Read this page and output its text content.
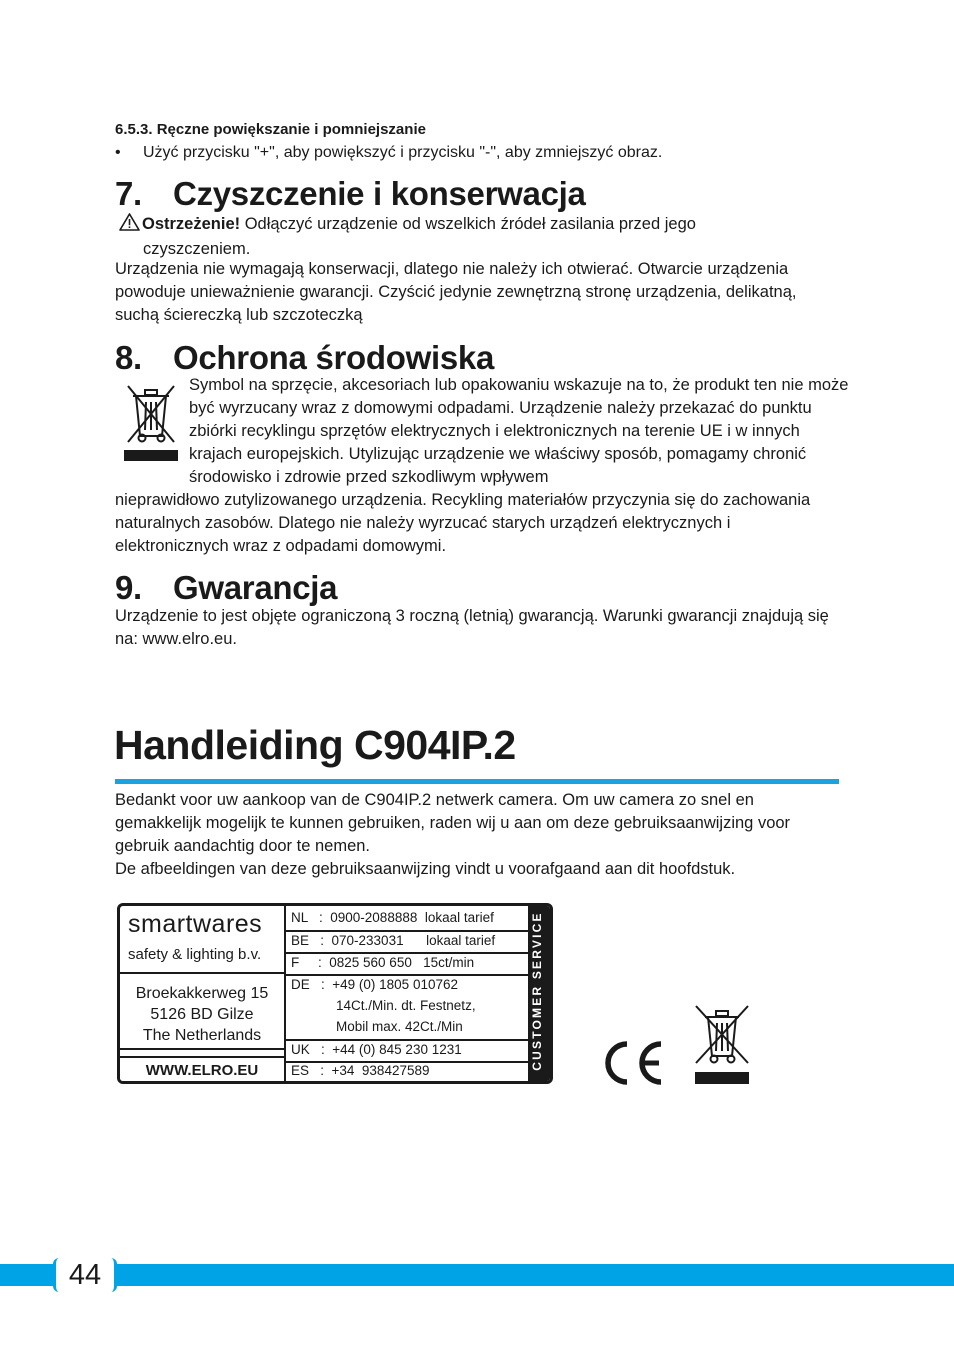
6.5.3. Ręczne powiększanie i pomniejszanie
• Użyć przycisku "+", aby powiększyć i przycisku "-", aby zmniejszyć obraz.
7. Czyszczenie i konserwacja
Ostrzeżenie! Odłączyć urządzenie od wszelkich źródeł zasilania przed jego
czyszczeniem.
Urządzenia nie wymagają konserwacji, dlatego nie należy ich otwierać. Otwarcie urządzenia powoduje unieważnienie gwarancji. Czyścić jedynie zewnętrzną stronę urządzenia, delikatną, suchą ściereczką lub szczoteczką
8. Ochrona środowiska
Symbol na sprzęcie, akcesoriach lub opakowaniu wskazuje na to, że produkt ten nie może być wyrzucany wraz z domowymi odpadami. Urządzenie należy przekazać do punktu zbiórki recyklingu sprzętów elektrycznych i elektronicznych na terenie UE i w innych krajach europejskich. Utylizując urządzenie we właściwy sposób, pomagamy chronić środowisko i zdrowie przed szkodliwym wpływem
nieprawidłowo zutylizowanego urządzenia. Recykling materiałów przyczynia się do zachowania naturalnych zasobów. Dlatego nie należy wyrzucać starych urządzeń elektrycznych i elektronicznych wraz z odpadami domowymi.
9. Gwarancja
Urządzenie to jest objęte ograniczoną 3 roczną (letnią) gwarancją. Warunki gwarancji znajdują się na: www.elro.eu.
Handleiding C904IP.2
Bedankt voor uw aankoop van de C904IP.2 netwerk camera. Om uw camera zo snel en gemakkelijk mogelijk te kunnen gebruiken, raden wij u aan om deze gebruiksaanwijzing voor gebruik aandachtig door te nemen.
De afbeeldingen van deze gebruiksaanwijzing vindt u voorafgaand aan dit hoofdstuk.
smartwares
safety & lighting b.v.
Broekakkerweg 15
5126 BD Gilze
The Netherlands
WWW.ELRO.EU
NL   :  0900-2088888  lokaal tarief
BE   :  070-233031      lokaal tarief
F     :  0825 560 650   15ct/min
DE   :  +49 (0) 1805 010762
14Ct./Min. dt. Festnetz,
Mobil max. 42Ct./Min
UK   :  +44 (0) 845 230 1231
ES   :  +34  938427589	CUSTOMER SERVICE
44
